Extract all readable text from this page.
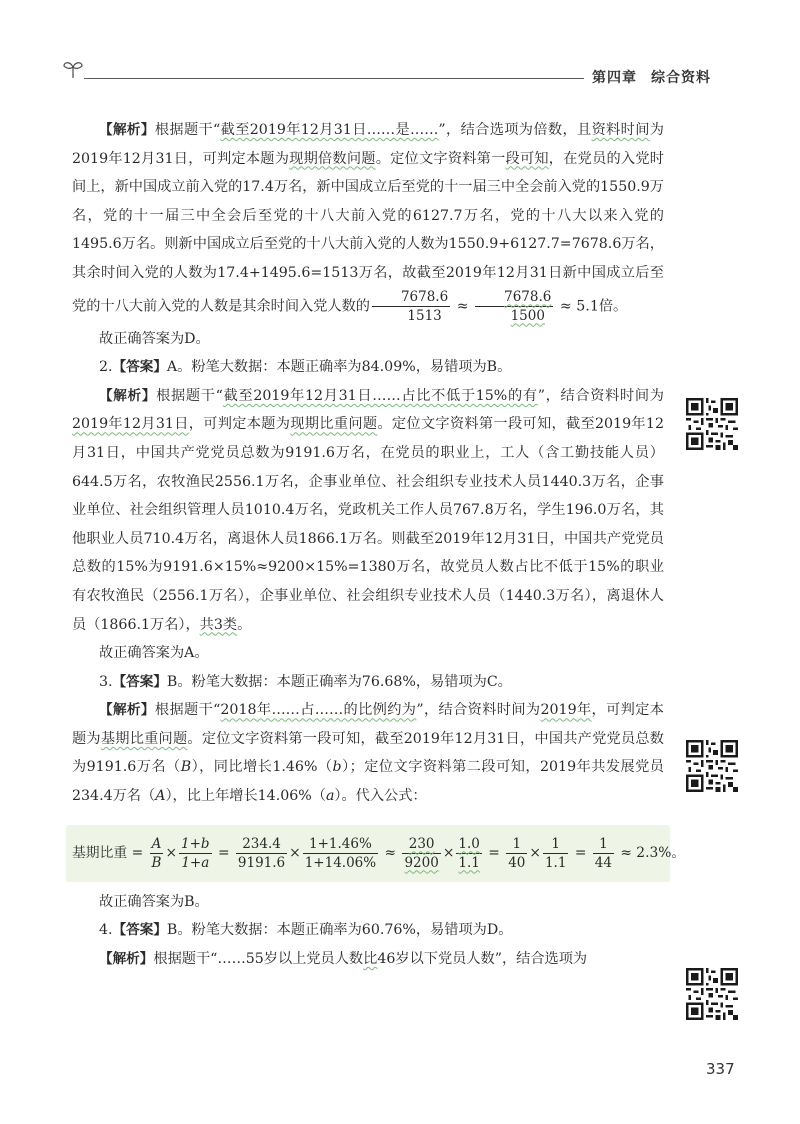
第四章 综合资料

【解析】根据题干“截至2019年12月31日……是……”，结合选项为倍数，且资料时间为2019年12月31日，可判定本题为现期倍数问题。定位文字资料第一段可知，在党员的入党时间上，新中国成立前入党的17.4万名，新中国成立后至党的十一届三中全会前入党的1550.9万名，党的十一届三中全会后至党的十八大前入党的6127.7万名，党的十八大以来入党的1495.6万名。则新中国成立后至党的十八大前入党的人数为1550.9+6127.7=7678.6万名，其余时间入党的人数为17.4+1495.6=1513万名，故截至2019年12月31日新中国成立后至党的十八大前入党的人数是其余时间入党人数的 $\frac{7678.6}{1513} \approx \frac{7678.6}{1500} \approx 5.1$倍。

故正确答案为D。

2.【答案】A。粉笔大数据：本题正确率为84.09%，易错项为B。

【解析】根据题干“截至2019年12月31日……占比不低于15%的有”，结合资料时间为2019年12月31日，可判定本题为现期比重问题。定位文字资料第一段可知，截至2019年12月31日，中国共产党党员总数为9191.6万名，在党员的职业上，工人（含工勤技能人员）644.5万名，农牧渔民2556.1万名，企事业单位、社会组织专业技术人员1440.3万名，企事业单位、社会组织管理人员1010.4万名，党政机关工作人员767.8万名，学生196.0万名，其他职业人员710.4万名，离退休人员1866.1万名。则截至2019年12月31日，中国共产党党员总数的15%为9191.6×15%≈9200×15%=1380万名，故党员人数占比不低于15%的职业有农牧渔民（2556.1万名），企事业单位、社会组织专业技术人员（1440.3万名），离退休人员（1866.1万名），共3类。

故正确答案为A。

3.【答案】B。粉笔大数据：本题正确率为76.68%，易错项为C。

【解析】根据题干“2018年……占……的比例约为”，结合资料时间为2019年，可判定本题为基期比重问题。定位文字资料第一段可知，截至2019年12月31日，中国共产党党员总数为9191.6万名（B），同比增长1.46%（b）；定位文字资料第二段可知，2019年共发展党员234.4万名（A），比上年增长14.06%（a）。代入公式：

基期比重 = $\frac{A}{B} \times \frac{1+b}{1+a} = \frac{234.4}{9191.6} \times \frac{1+1.46\%}{1+14.06\%} \approx \frac{230}{9200} \times \frac{1.0}{1.1} = \frac{1}{40} \times \frac{1}{1.1} = \frac{1}{44} \approx 2.3\%$。

故正确答案为B。

4.【答案】B。粉笔大数据：本题正确率为60.76%，易错项为D。

【解析】根据题干“……55岁以上党员人数比46岁以下党员人数”，结合选项为

337
